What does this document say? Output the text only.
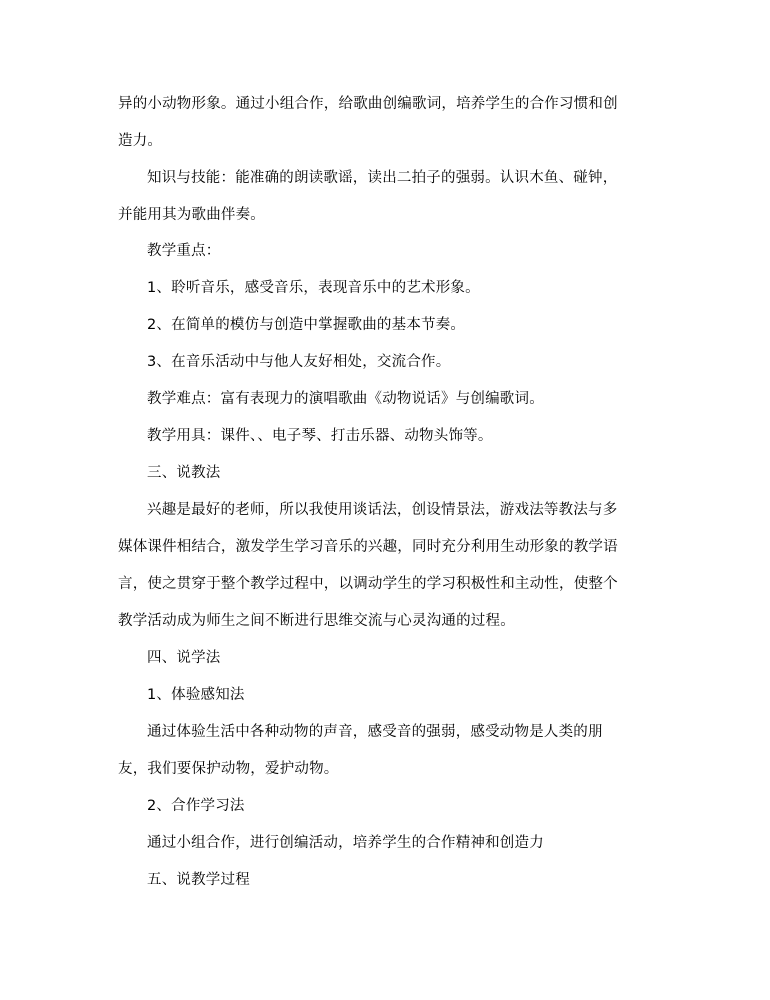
异的小动物形象。通过小组合作，给歌曲创编歌词，培养学生的合作习惯和创
造力。
知识与技能：能准确的朗读歌谣，读出二拍子的强弱。认识木鱼、碰钟，
并能用其为歌曲伴奏。
教学重点：
1、聆听音乐，感受音乐，表现音乐中的艺术形象。
2、在简单的模仿与创造中掌握歌曲的基本节奏。
3、在音乐活动中与他人友好相处，交流合作。
教学难点：富有表现力的演唱歌曲《动物说话》与创编歌词。
教学用具：课件、、电子琴、打击乐器、动物头饰等。
三、说教法
兴趣是最好的老师，所以我使用谈话法，创设情景法，游戏法等教法与多
媒体课件相结合，激发学生学习音乐的兴趣，同时充分利用生动形象的教学语
言，使之贯穿于整个教学过程中，以调动学生的学习积极性和主动性，使整个
教学活动成为师生之间不断进行思维交流与心灵沟通的过程。
四、说学法
1、体验感知法
通过体验生活中各种动物的声音，感受音的强弱，感受动物是人类的朋
友，我们要保护动物，爱护动物。
2、合作学习法
通过小组合作，进行创编活动，培养学生的合作精神和创造力
五、说教学过程
